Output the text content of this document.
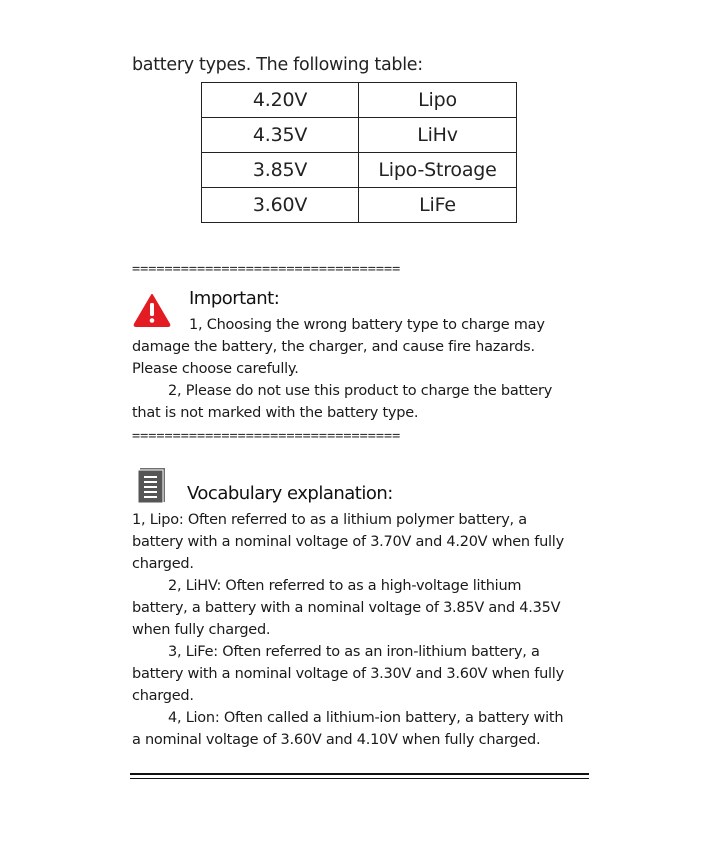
battery types. The following table:
4.20V	Lipo
4.35V	LiHv
3.85V	Lipo-Stroage
3.60V	LiFe
=================================
Important:
1, Choosing the wrong battery type to charge may
damage the battery, the charger, and cause fire hazards.
Please choose carefully.
2, Please do not use this product to charge the battery
that is not marked with the battery type.
=================================
Vocabulary explanation:
1, Lipo: Often referred to as a lithium polymer battery, a
battery with a nominal voltage of 3.70V and 4.20V when fully
charged.
2, LiHV: Often referred to as a high-voltage lithium
battery, a battery with a nominal voltage of 3.85V and 4.35V
when fully charged.
3, LiFe: Often referred to as an iron-lithium battery, a
battery with a nominal voltage of 3.30V and 3.60V when fully
charged.
4, Lion: Often called a lithium-ion battery, a battery with
a nominal voltage of 3.60V and 4.10V when fully charged.
